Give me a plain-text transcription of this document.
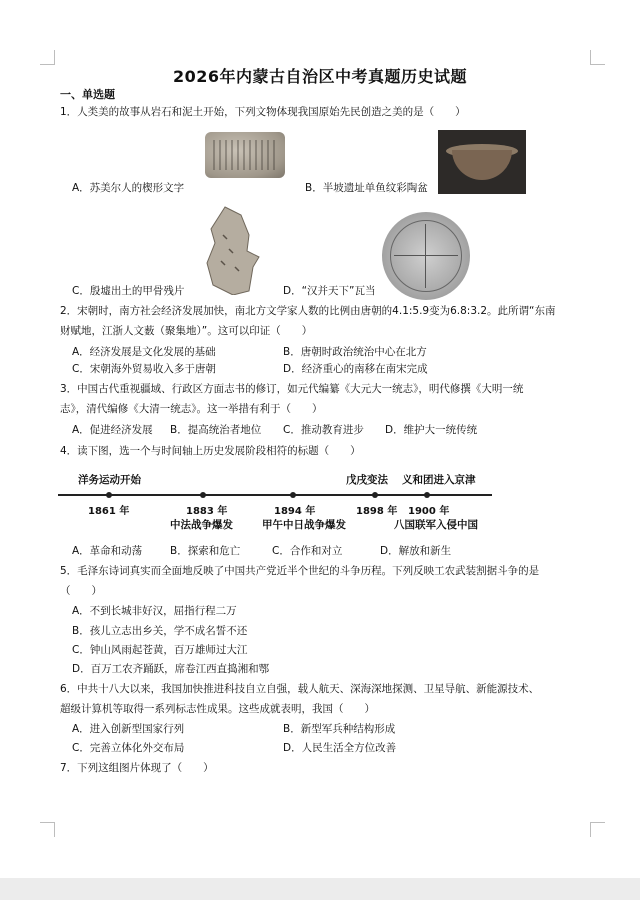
2026年内蒙古自治区中考真题历史试题
一、单选题
1．人类美的故事从岩石和泥土开始，下列文物体现我国原始先民创造之美的是（　　）
A．苏美尔人的楔形文字	B．半坡遗址单鱼纹彩陶盆
C．殷墟出土的甲骨残片	D．“汉并天下”瓦当
2．宋朝时，南方社会经济发展加快，南北方文学家人数的比例由唐朝的4.1:5.9变为6.8:3.2。此所谓“东南
财赋地，江浙人文薮（聚集地）”。这可以印证（　　）
A．经济发展是文化发展的基础	B．唐朝时政治统治中心在北方
C．宋朝海外贸易收入多于唐朝	D．经济重心的南移在南宋完成
3．中国古代重视疆域、行政区方面志书的修订，如元代编纂《大元大一统志》，明代修撰《大明一统
志》，清代编修《大清一统志》。这一举措有利于（　　）
A．促进经济发展 B．提高统治者地位 C．推动教育进步 D．维护大一统传统
4．读下图，选一个与时间轴上历史发展阶段相符的标题（　　）
洋务运动开始	戊戌变法 义和团进入京津
1861 年	1883 年	1894 年	1898 年 1900 年
中法战争爆发	甲午中日战争爆发	八国联军入侵中国
A．革命和动荡	B．探索和危亡	C．合作和对立	D．解放和新生
5．毛泽东诗词真实而全面地反映了中国共产党近半个世纪的斗争历程。下列反映工农武装割据斗争的是
（　　）
A．不到长城非好汉，屈指行程二万
B．孩儿立志出乡关，学不成名誓不还
C．钟山风雨起苍黄，百万雄师过大江
D．百万工农齐踊跃，席卷江西直捣湘和鄂
6．中共十八大以来，我国加快推进科技自立自强，载人航天、深海深地探测、卫星导航、新能源技术、
超级计算机等取得一系列标志性成果。这些成就表明，我国（　　）
A．进入创新型国家行列	B．新型军兵种结构形成
C．完善立体化外交布局	D．人民生活全方位改善
7．下列这组图片体现了（　　）
